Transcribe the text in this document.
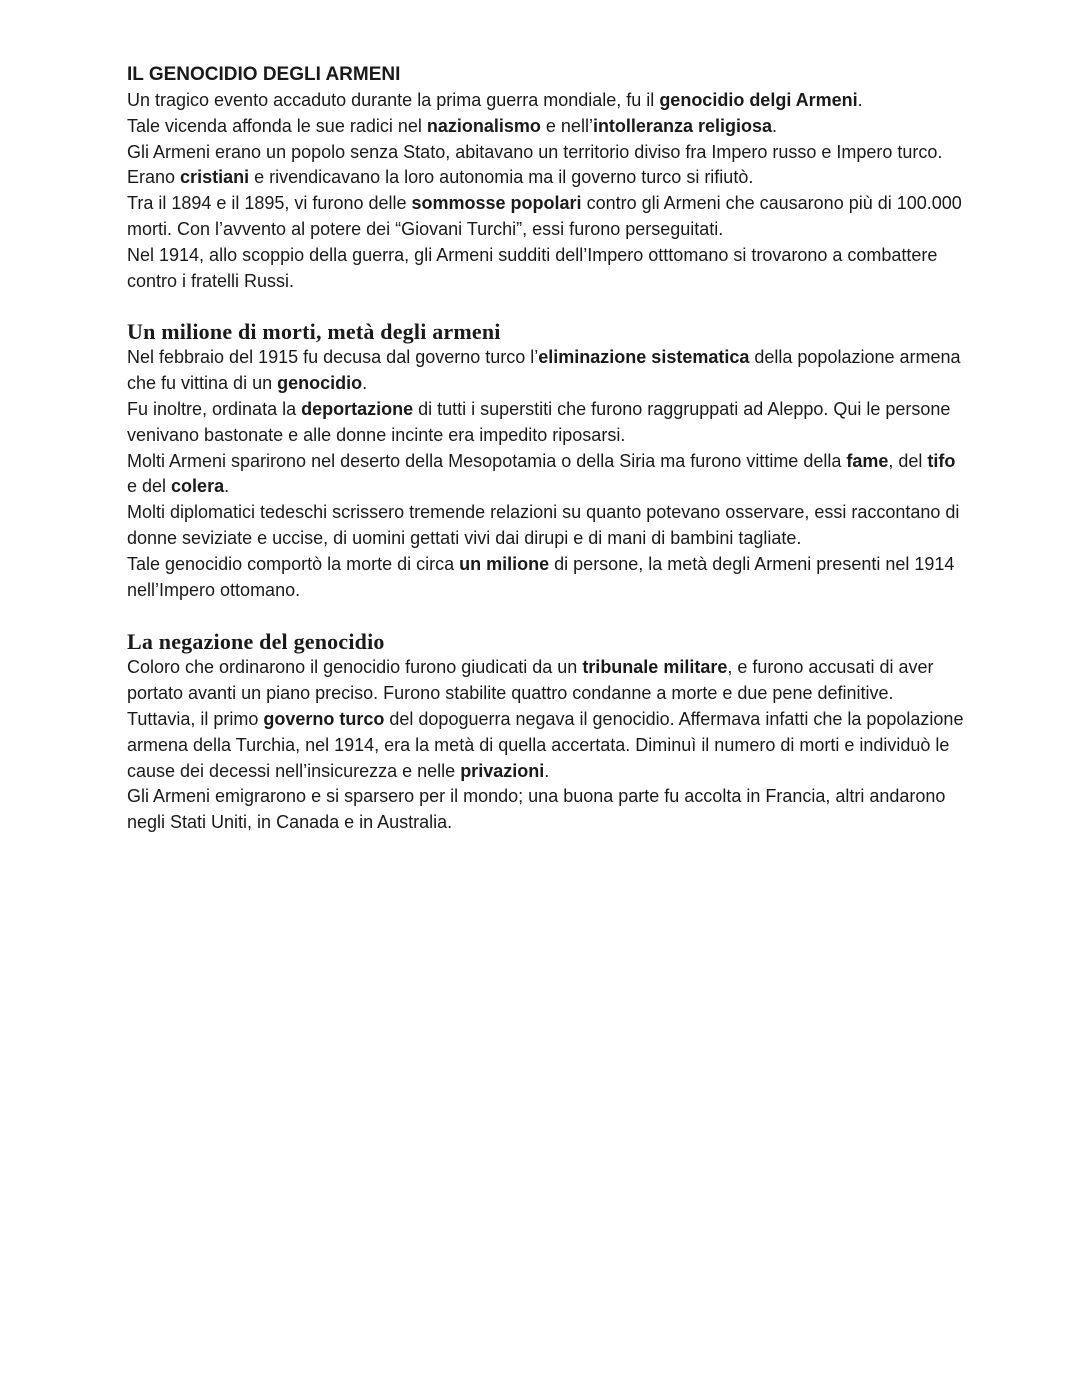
IL GENOCIDIO DEGLI ARMENI

Un tragico evento accaduto durante la prima guerra mondiale, fu il genocidio delgi Armeni.

Tale vicenda affonda le sue radici nel nazionalismo e nell’intolleranza religiosa.

Gli Armeni erano un popolo senza Stato, abitavano un territorio diviso fra Impero russo e Impero turco. Erano cristiani e rivendicavano la loro autonomia ma il governo turco si rifiutò.

Tra il 1894 e il 1895, vi furono delle sommosse popolari contro gli Armeni che causarono più di 100.000 morti. Con l’avvento al potere dei “Giovani Turchi”, essi furono perseguitati.

Nel 1914, allo scoppio della guerra, gli Armeni sudditi dell’Impero otttomano si trovarono a combattere contro i fratelli Russi.

Un milione di morti, metà degli armeni

Nel febbraio del 1915 fu decusa dal governo turco l’eliminazione sistematica della popolazione armena che fu vittina di un genocidio.

Fu inoltre, ordinata la deportazione di tutti i superstiti che furono raggruppati ad Aleppo. Qui le persone venivano bastonate e alle donne incinte era impedito riposarsi.

Molti Armeni sparirono nel deserto della Mesopotamia o della Siria ma furono vittime della fame, del tifo e del colera.

Molti diplomatici tedeschi scrissero tremende relazioni su quanto potevano osservare, essi raccontano di donne seviziate e uccise, di uomini gettati vivi dai dirupi e di mani di bambini tagliate.

Tale genocidio comportò la morte di circa un milione di persone, la metà degli Armeni presenti nel 1914 nell’Impero ottomano.

La negazione del genocidio

Coloro che ordinarono il genocidio furono giudicati da un tribunale militare, e furono accusati di aver portato avanti un piano preciso. Furono stabilite quattro condanne a morte e due pene definitive.

Tuttavia, il primo governo turco del dopoguerra negava il genocidio. Affermava infatti che la popolazione armena della Turchia, nel 1914, era la metà di quella accertata. Diminuì il numero di morti e individuò le cause dei decessi nell’insicurezza e nelle privazioni.

Gli Armeni emigrarono e si sparsero per il mondo; una buona parte fu accolta in Francia, altri andarono negli Stati Uniti, in Canada e in Australia.
